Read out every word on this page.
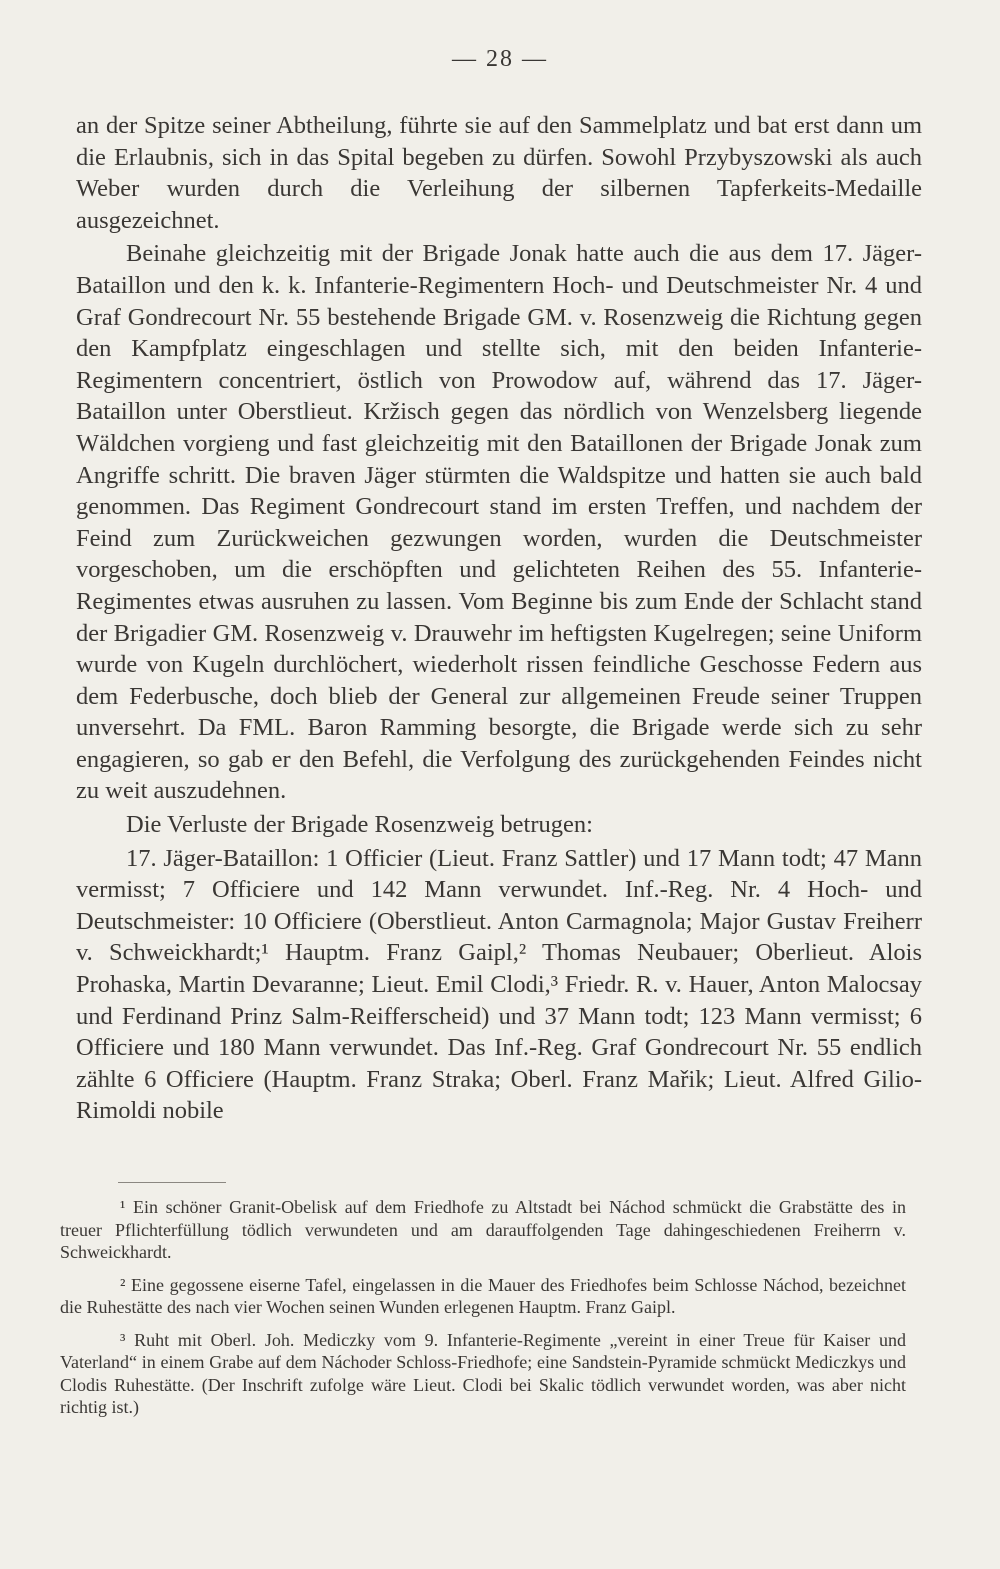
— 28 —

an der Spitze seiner Abtheilung, führte sie auf den Sammelplatz und bat erst dann um die Erlaubnis, sich in das Spital begeben zu dürfen. Sowohl Przybyszowski als auch Weber wurden durch die Verleihung der silbernen Tapferkeits-Medaille ausgezeichnet.

Beinahe gleichzeitig mit der Brigade Jonak hatte auch die aus dem 17. Jäger-Bataillon und den k. k. Infanterie-Regimentern Hoch- und Deutschmeister Nr. 4 und Graf Gondrecourt Nr. 55 bestehende Brigade GM. v. Rosenzweig die Richtung gegen den Kampfplatz eingeschlagen und stellte sich, mit den beiden Infanterie-Regimentern concentriert, östlich von Prowodow auf, während das 17. Jäger-Bataillon unter Oberstlieut. Kržisch gegen das nördlich von Wenzelsberg liegende Wäldchen vorgieng und fast gleichzeitig mit den Bataillonen der Brigade Jonak zum Angriffe schritt. Die braven Jäger stürmten die Waldspitze und hatten sie auch bald genommen. Das Regiment Gondrecourt stand im ersten Treffen, und nachdem der Feind zum Zurückweichen gezwungen worden, wurden die Deutschmeister vorgeschoben, um die erschöpften und gelichteten Reihen des 55. Infanterie-Regimentes etwas ausruhen zu lassen. Vom Beginne bis zum Ende der Schlacht stand der Brigadier GM. Rosenzweig v. Drauwehr im heftigsten Kugelregen; seine Uniform wurde von Kugeln durchlöchert, wiederholt rissen feindliche Geschosse Federn aus dem Federbusche, doch blieb der General zur allgemeinen Freude seiner Truppen unversehrt. Da FML. Baron Ramming besorgte, die Brigade werde sich zu sehr engagieren, so gab er den Befehl, die Verfolgung des zurückgehenden Feindes nicht zu weit auszudehnen.

Die Verluste der Brigade Rosenzweig betrugen:

17. Jäger-Bataillon: 1 Officier (Lieut. Franz Sattler) und 17 Mann todt; 47 Mann vermisst; 7 Officiere und 142 Mann verwundet. Inf.-Reg. Nr. 4 Hoch- und Deutschmeister: 10 Officiere (Oberstlieut. Anton Carmagnola; Major Gustav Freiherr v. Schweickhardt;¹ Hauptm. Franz Gaipl,² Thomas Neubauer; Oberlieut. Alois Prohaska, Martin Devaranne; Lieut. Emil Clodi,³ Friedr. R. v. Hauer, Anton Malocsay und Ferdinand Prinz Salm-Reifferscheid) und 37 Mann todt; 123 Mann vermisst; 6 Officiere und 180 Mann verwundet. Das Inf.-Reg. Graf Gondrecourt Nr. 55 endlich zählte 6 Officiere (Hauptm. Franz Straka; Oberl. Franz Mařik; Lieut. Alfred Gilio-Rimoldi nobile

¹ Ein schöner Granit-Obelisk auf dem Friedhofe zu Altstadt bei Náchod schmückt die Grabstätte des in treuer Pflichterfüllung tödlich verwundeten und am darauffolgenden Tage dahingeschiedenen Freiherrn v. Schweickhardt.

² Eine gegossene eiserne Tafel, eingelassen in die Mauer des Friedhofes beim Schlosse Náchod, bezeichnet die Ruhestätte des nach vier Wochen seinen Wunden erlegenen Hauptm. Franz Gaipl.

³ Ruht mit Oberl. Joh. Mediczky vom 9. Infanterie-Regimente „vereint in einer Treue für Kaiser und Vaterland“ in einem Grabe auf dem Náchoder Schloss-Friedhofe; eine Sandstein-Pyramide schmückt Mediczkys und Clodis Ruhestätte. (Der Inschrift zufolge wäre Lieut. Clodi bei Skalic tödlich verwundet worden, was aber nicht richtig ist.)
